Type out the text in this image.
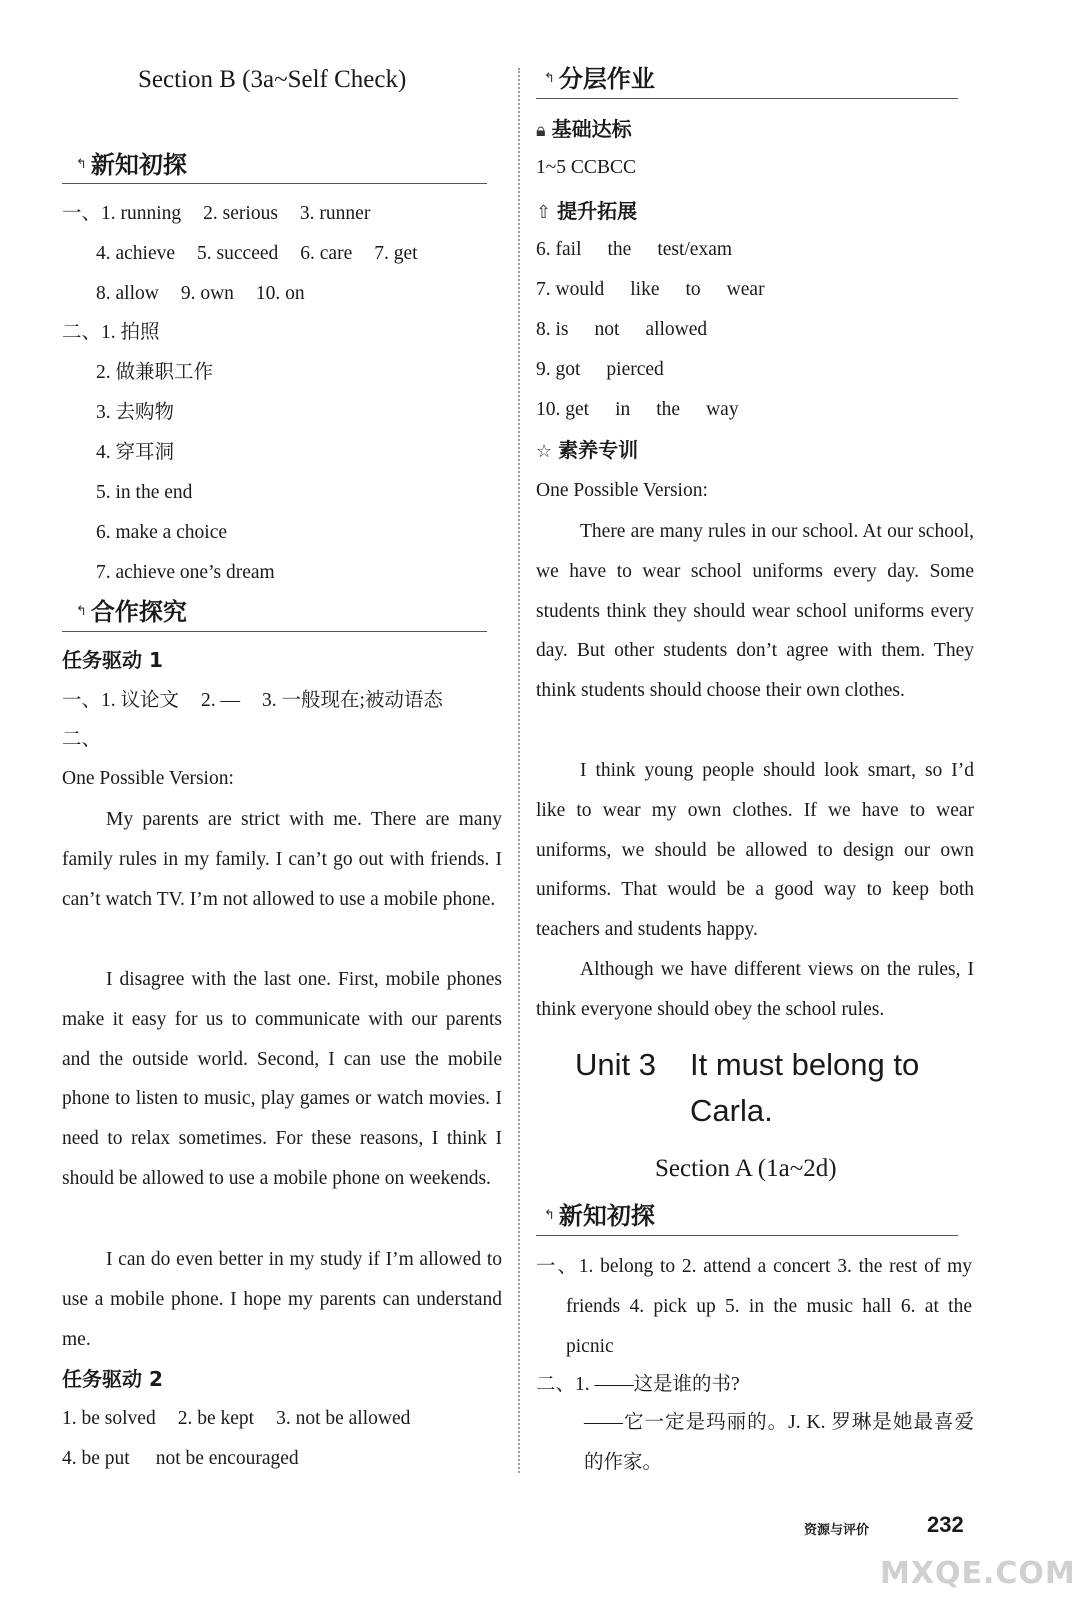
Section B (3a~Self Check)
↰ 新知初探
一、1. running 2. serious 3. runner
4. achieve 5. succeed 6. care 7. get
8. allow 9. own 10. on
二、1. 拍照
2. 做兼职工作
3. 去购物
4. 穿耳洞
5. in the end
6. make a choice
7. achieve one’s dream
↰ 合作探究
任务驱动 1
一、1. 议论文 2. — 3. 一般现在;被动语态
二、
One Possible Version:
My parents are strict with me. There are many family rules in my family. I can’t go out with friends. I can’t watch TV. I’m not allowed to use a mobile phone.
I disagree with the last one. First, mobile phones make it easy for us to communicate with our parents and the outside world. Second, I can use the mobile phone to listen to music, play games or watch movies. I need to relax sometimes. For these reasons, I think I should be allowed to use a mobile phone on weekends.
I can do even better in my study if I’m allowed to use a mobile phone. I hope my parents can understand me.
任务驱动 2
1. be solved 2. be kept 3. not be allowed
4. be put not be encouraged
↰ 分层作业
🔒︎ 基础达标
1~5 CCBCC
⇧ 提升拓展
6. fail the test/exam
7. would like to wear
8. is not allowed
9. got pierced
10. get in the way
☆ 素养专训
One Possible Version:
There are many rules in our school. At our school, we have to wear school uniforms every day. Some students think they should wear school uniforms every day. But other students don’t agree with them. They think students should choose their own clothes.
I think young people should look smart, so I’d like to wear my own clothes. If we have to wear uniforms, we should be allowed to design our own uniforms. That would be a good way to keep both teachers and students happy.
Although we have different views on the rules, I think everyone should obey the school rules.
Unit 3 It must belong to
Carla.
Section A (1a~2d)
↰ 新知初探
一、1. belong to 2. attend a concert 3. the rest of my friends 4. pick up 5. in the music hall 6. at the picnic
二、1. ——这是谁的书?
——它一定是玛丽的。J. K. 罗琳是她最喜爱的作家。
资源与评价	232
MXQE.COM
